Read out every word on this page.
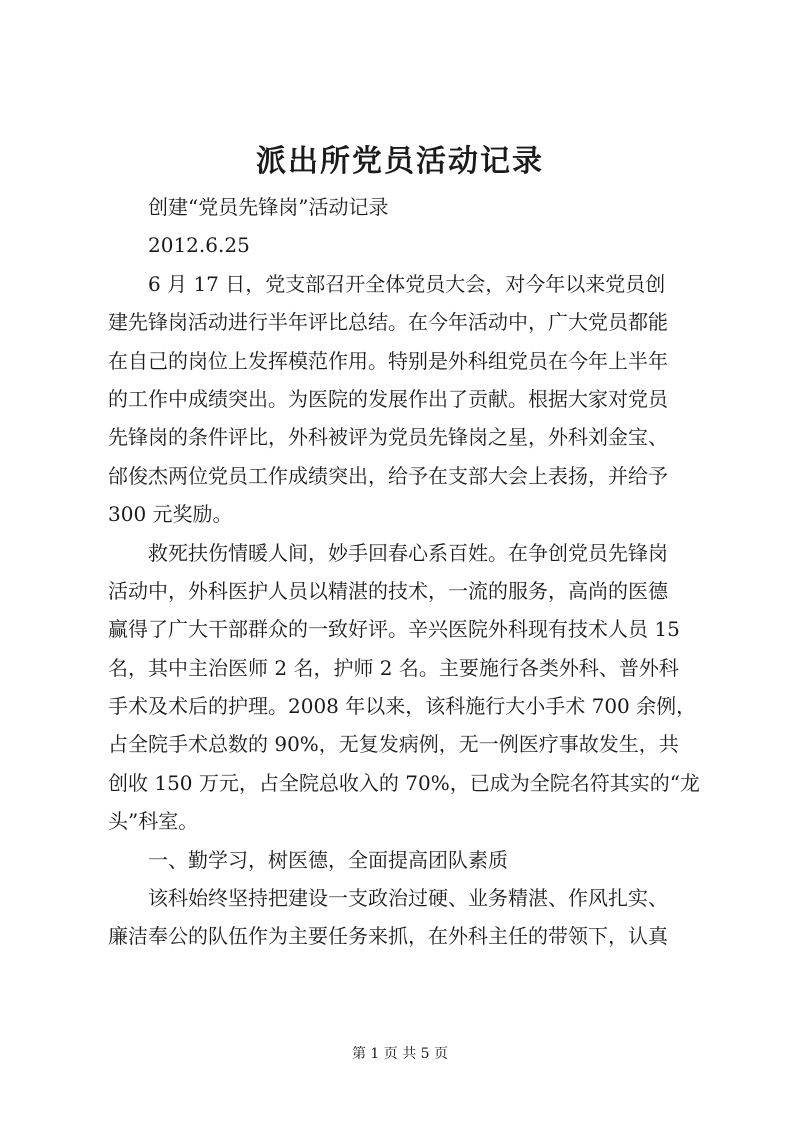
派出所党员活动记录
创建“党员先锋岗”活动记录
2012.6.25
6 月 17 日，党支部召开全体党员大会，对今年以来党员创
建先锋岗活动进行半年评比总结。在今年活动中，广大党员都能
在自己的岗位上发挥模范作用。特别是外科组党员在今年上半年
的工作中成绩突出。为医院的发展作出了贡献。根据大家对党员
先锋岗的条件评比，外科被评为党员先锋岗之星，外科刘金宝、
邰俊杰两位党员工作成绩突出，给予在支部大会上表扬，并给予
300 元奖励。
救死扶伤情暖人间，妙手回春心系百姓。在争创党员先锋岗
活动中，外科医护人员以精湛的技术，一流的服务，高尚的医德
赢得了广大干部群众的一致好评。辛兴医院外科现有技术人员 15
名，其中主治医师 2 名，护师 2 名。主要施行各类外科、普外科
手术及术后的护理。2008 年以来，该科施行大小手术 700 余例，
占全院手术总数的 90%，无复发病例，无一例医疗事故发生，共
创收 150 万元，占全院总收入的 70%，已成为全院名符其实的“龙
头”科室。
一、勤学习，树医德，全面提高团队素质
该科始终坚持把建设一支政治过硬、业务精湛、作风扎实、
廉洁奉公的队伍作为主要任务来抓，在外科主任的带领下，认真
第 1 页 共 5 页
